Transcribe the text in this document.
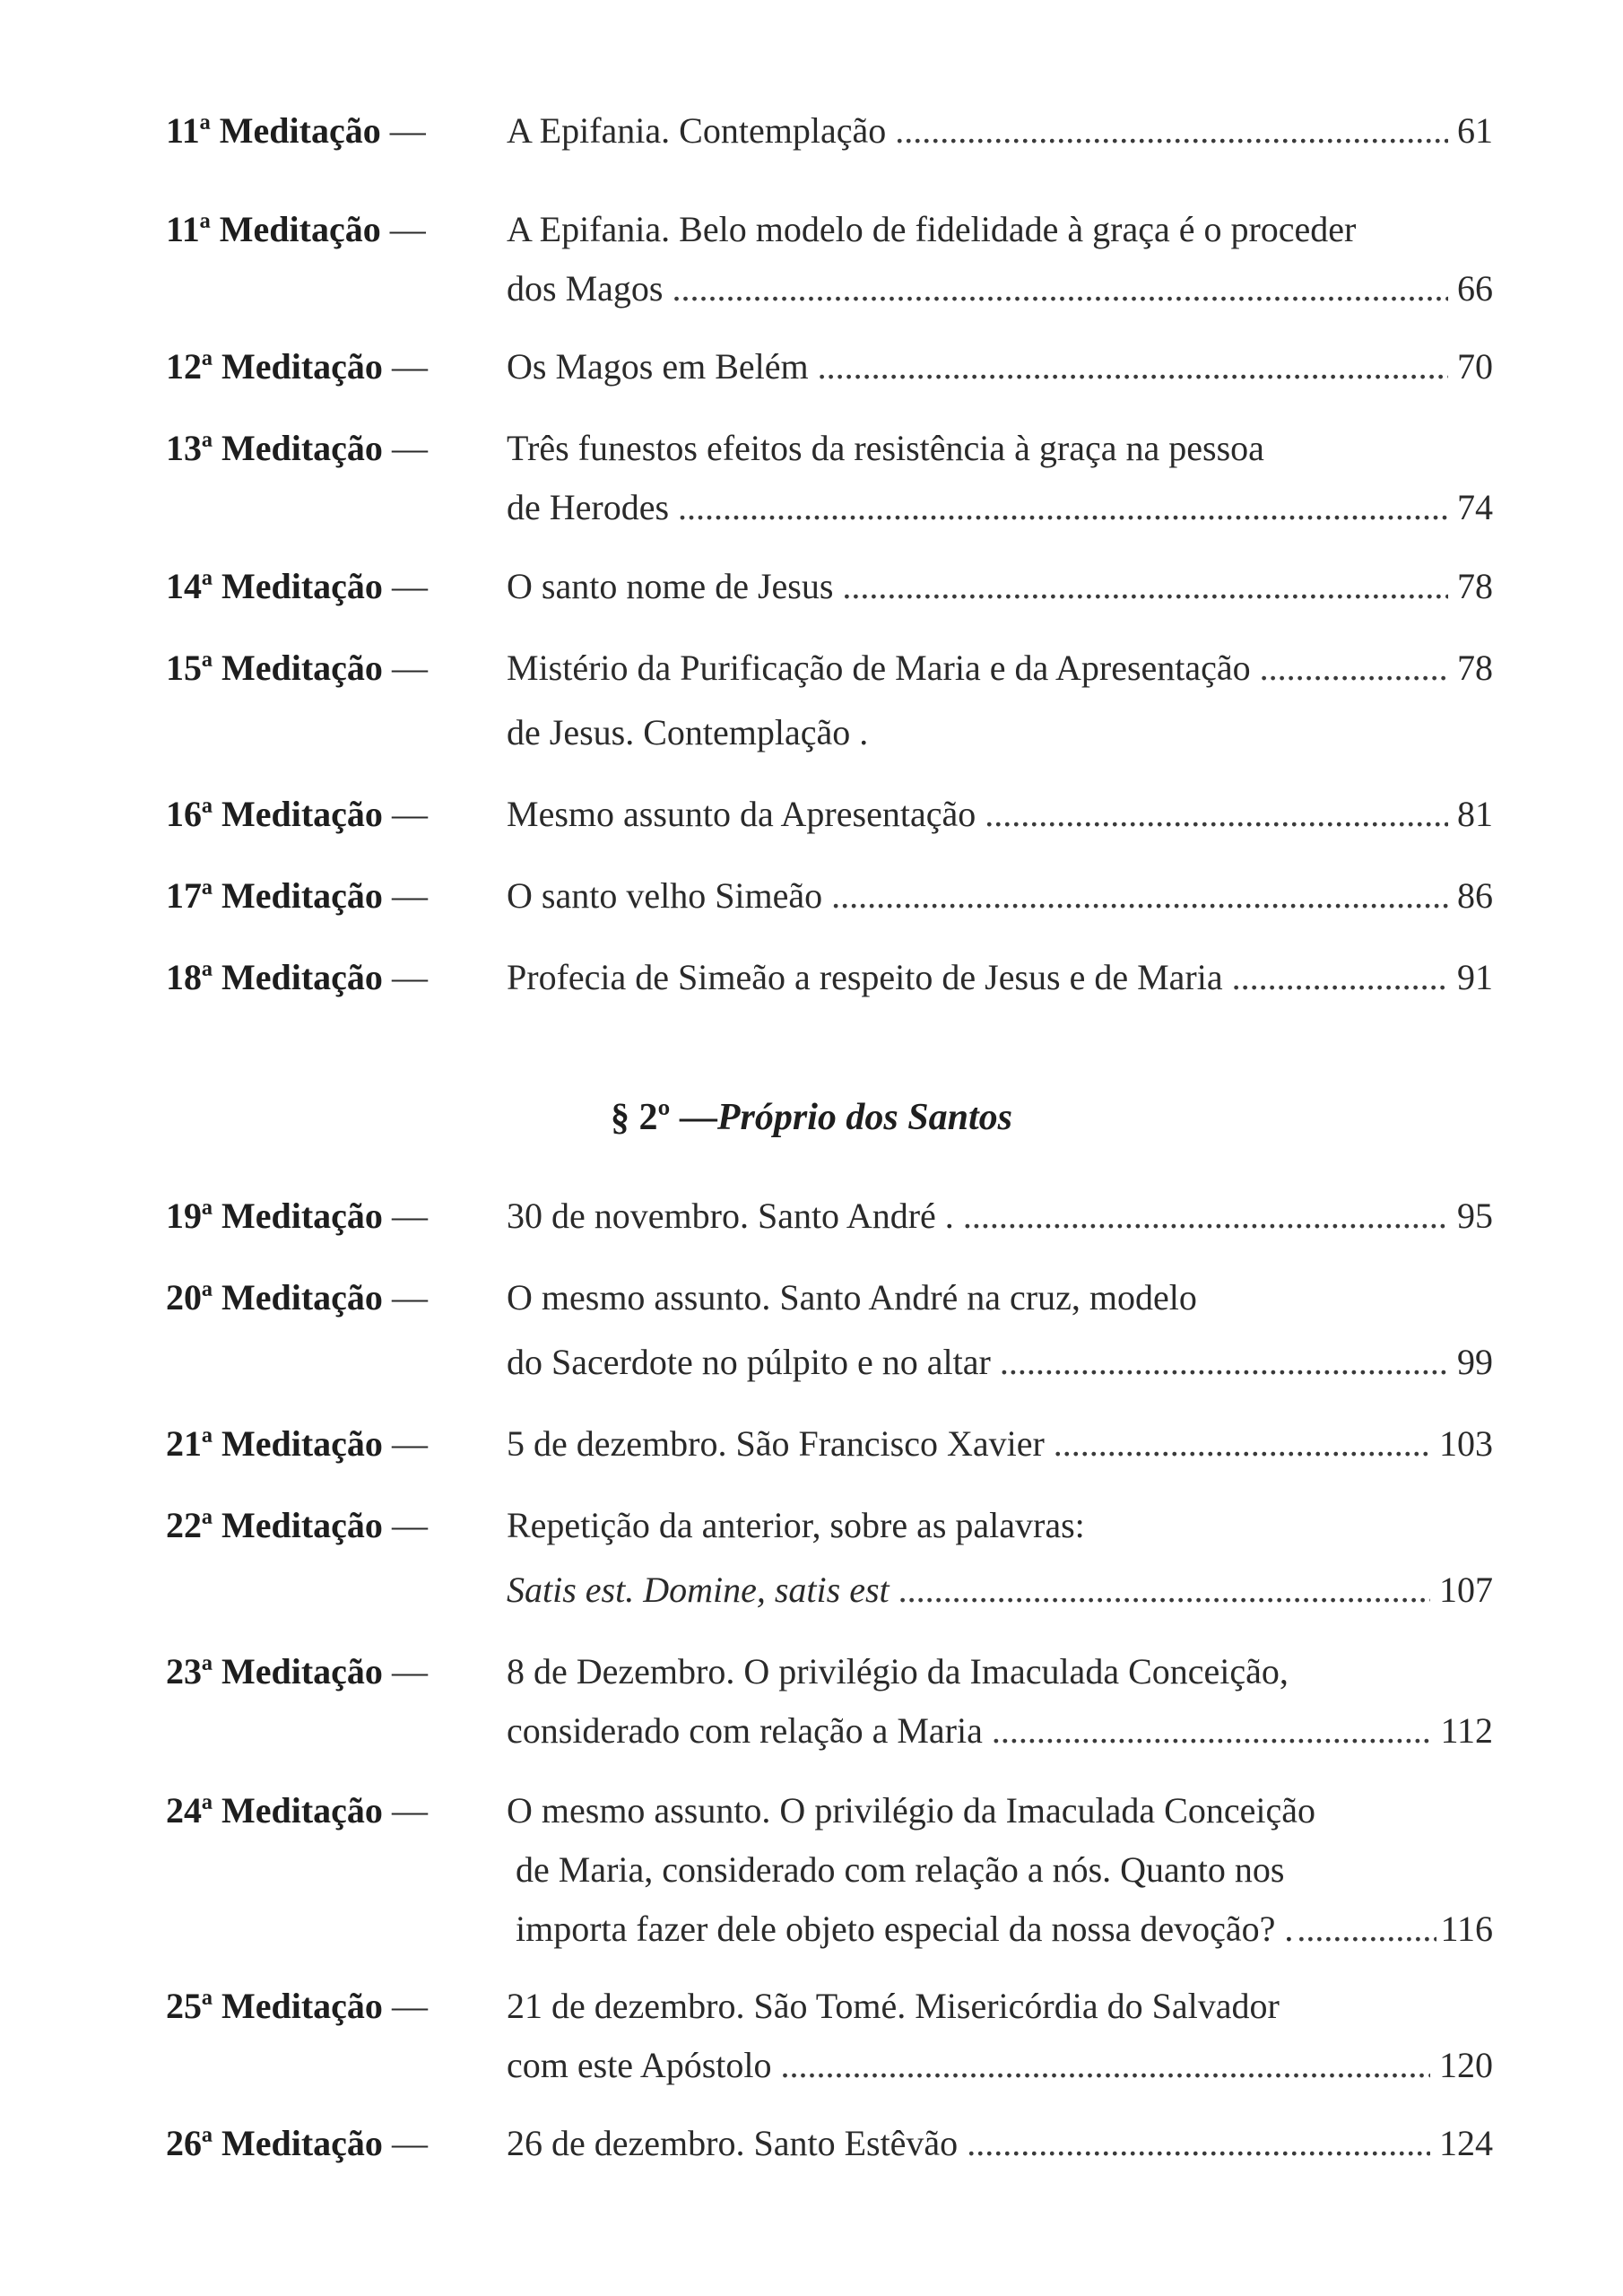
11ª Meditação —	A Epifania. Contemplação . . .	61
11ª Meditação —	A Epifania. Belo modelo de fidelidade à graça é o proceder
dos Magos . . .	66
12ª Meditação —	Os Magos em Belém . . .	70
13ª Meditação —	Três funestos efeitos da resistência à graça na pessoa
de Herodes . . .	74
14ª Meditação —	O santo nome de Jesus . . .	78
15ª Meditação —	Mistério da Purificação de Maria e da Apresentação . . .	78
de Jesus. Contemplação .
16ª Meditação —	Mesmo assunto da Apresentação . . .	81
17ª Meditação —	O santo velho Simeão . . .	86
18ª Meditação —	Profecia de Simeão a respeito de Jesus e de Maria . . .	91
§ 2º —Próprio dos Santos
19ª Meditação —	30 de novembro. Santo André . . . .	95
20ª Meditação —	O mesmo assunto. Santo André na cruz, modelo
do Sacerdote no púlpito e no altar . . .	99
21ª Meditação —	5 de dezembro. São Francisco Xavier . . .	103
22ª Meditação —	Repetição da anterior, sobre as palavras:
Satis est. Domine, satis est . . .	107
23ª Meditação —	8 de Dezembro. O privilégio da Imaculada Conceição,
considerado com relação a Maria . . .	112
24ª Meditação —	O mesmo assunto. O privilégio da Imaculada Conceição
de Maria, considerado com relação a nós. Quanto nos
importa fazer dele objeto especial da nossa devoção? . . . .	116
25ª Meditação —	21 de dezembro. São Tomé. Misericórdia do Salvador
com este Apóstolo . . .	120
26ª Meditação —	26 de dezembro. Santo Estêvão . . .	124
